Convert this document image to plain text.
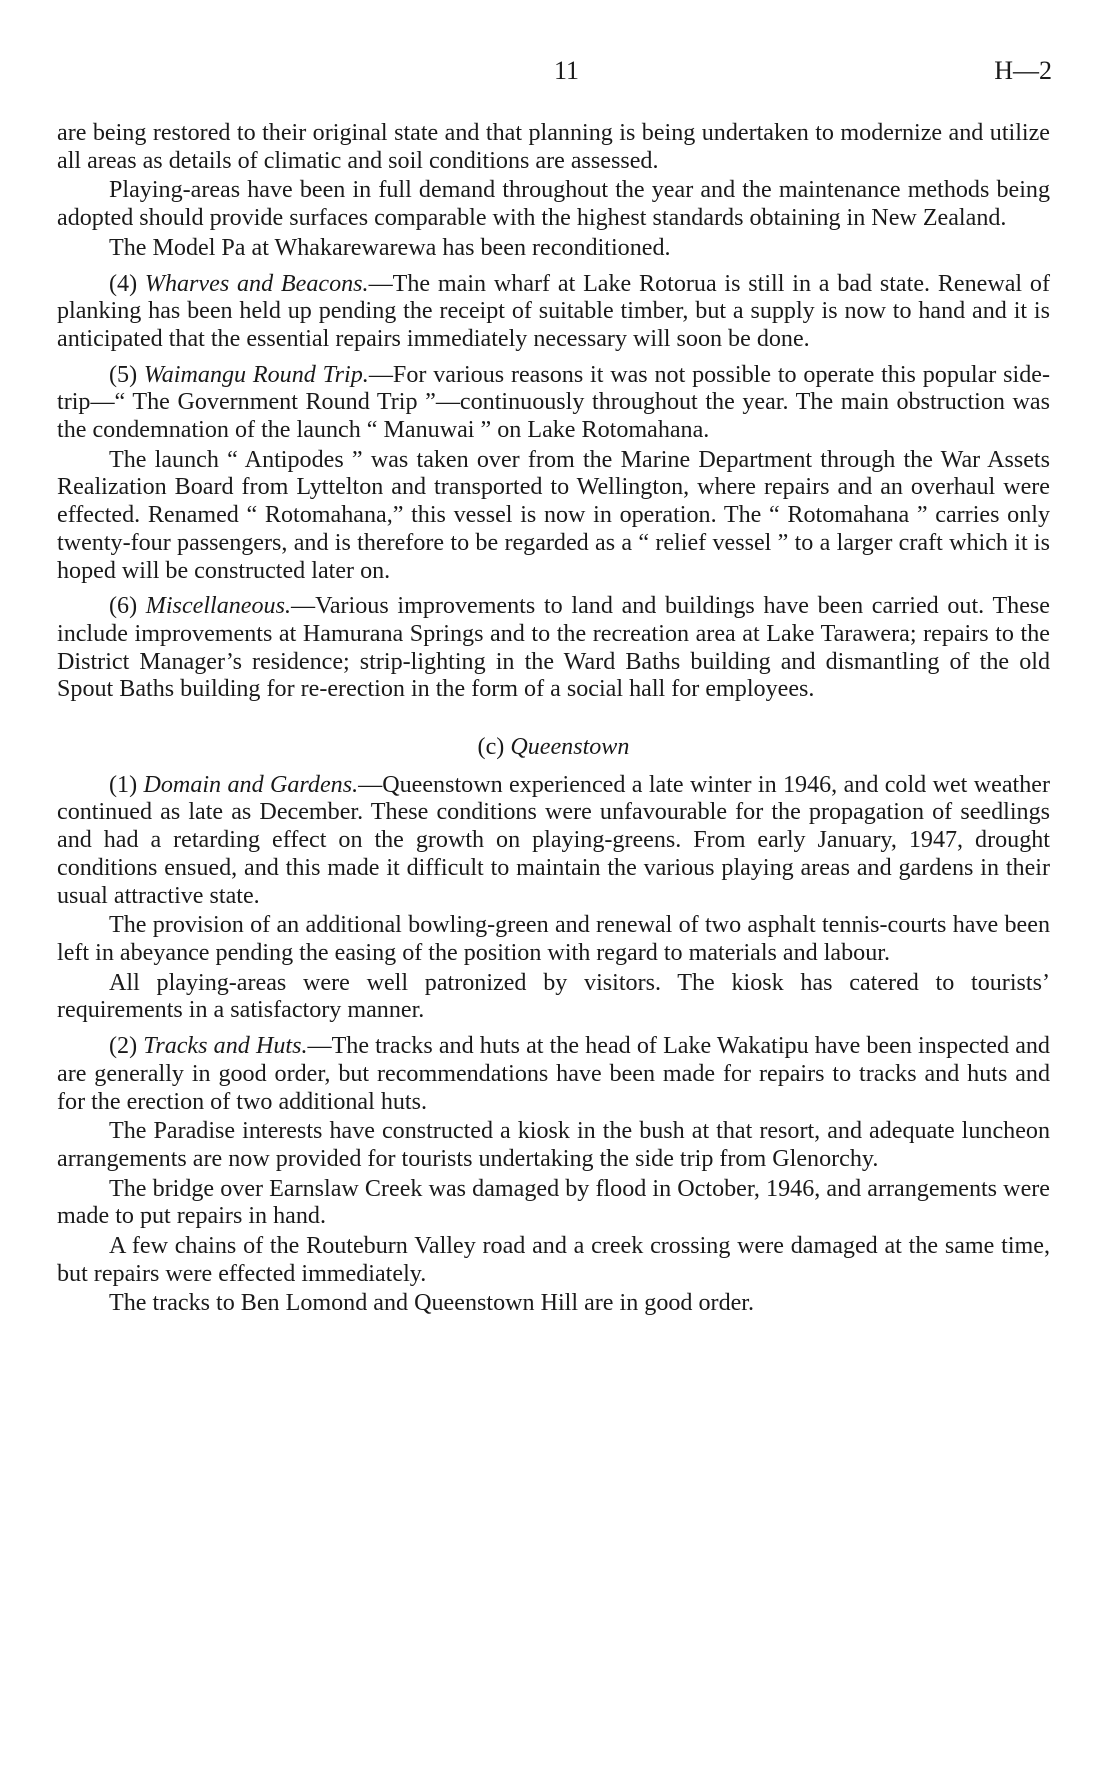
11	H—2

are being restored to their original state and that planning is being undertaken to modernize and utilize all areas as details of climatic and soil conditions are assessed.

Playing-areas have been in full demand throughout the year and the maintenance methods being adopted should provide surfaces comparable with the highest standards obtaining in New Zealand.

The Model Pa at Whakarewarewa has been reconditioned.

(4) Wharves and Beacons.—The main wharf at Lake Rotorua is still in a bad state. Renewal of planking has been held up pending the receipt of suitable timber, but a supply is now to hand and it is anticipated that the essential repairs immediately necessary will soon be done.

(5) Waimangu Round Trip.—For various reasons it was not possible to operate this popular side-trip—“ The Government Round Trip ”—continuously throughout the year. The main obstruction was the condemnation of the launch “ Manuwai ” on Lake Rotomahana.

The launch “ Antipodes ” was taken over from the Marine Department through the War Assets Realization Board from Lyttelton and transported to Wellington, where repairs and an overhaul were effected. Renamed “ Rotomahana,” this vessel is now in operation. The “ Rotomahana ” carries only twenty-four passengers, and is therefore to be regarded as a “ relief vessel ” to a larger craft which it is hoped will be constructed later on.

(6) Miscellaneous.—Various improvements to land and buildings have been carried out. These include improvements at Hamurana Springs and to the recreation area at Lake Tarawera; repairs to the District Manager’s residence; strip-lighting in the Ward Baths building and dismantling of the old Spout Baths building for re-erection in the form of a social hall for employees.

(c) Queenstown

(1) Domain and Gardens.—Queenstown experienced a late winter in 1946, and cold wet weather continued as late as December. These conditions were unfavourable for the propagation of seedlings and had a retarding effect on the growth on playing-greens. From early January, 1947, drought conditions ensued, and this made it difficult to maintain the various playing areas and gardens in their usual attractive state.

The provision of an additional bowling-green and renewal of two asphalt tennis-courts have been left in abeyance pending the easing of the position with regard to materials and labour.

All playing-areas were well patronized by visitors. The kiosk has catered to tourists’ requirements in a satisfactory manner.

(2) Tracks and Huts.—The tracks and huts at the head of Lake Wakatipu have been inspected and are generally in good order, but recommendations have been made for repairs to tracks and huts and for the erection of two additional huts.

The Paradise interests have constructed a kiosk in the bush at that resort, and adequate luncheon arrangements are now provided for tourists undertaking the side trip from Glenorchy.

The bridge over Earnslaw Creek was damaged by flood in October, 1946, and arrangements were made to put repairs in hand.

A few chains of the Routeburn Valley road and a creek crossing were damaged at the same time, but repairs were effected immediately.

The tracks to Ben Lomond and Queenstown Hill are in good order.
